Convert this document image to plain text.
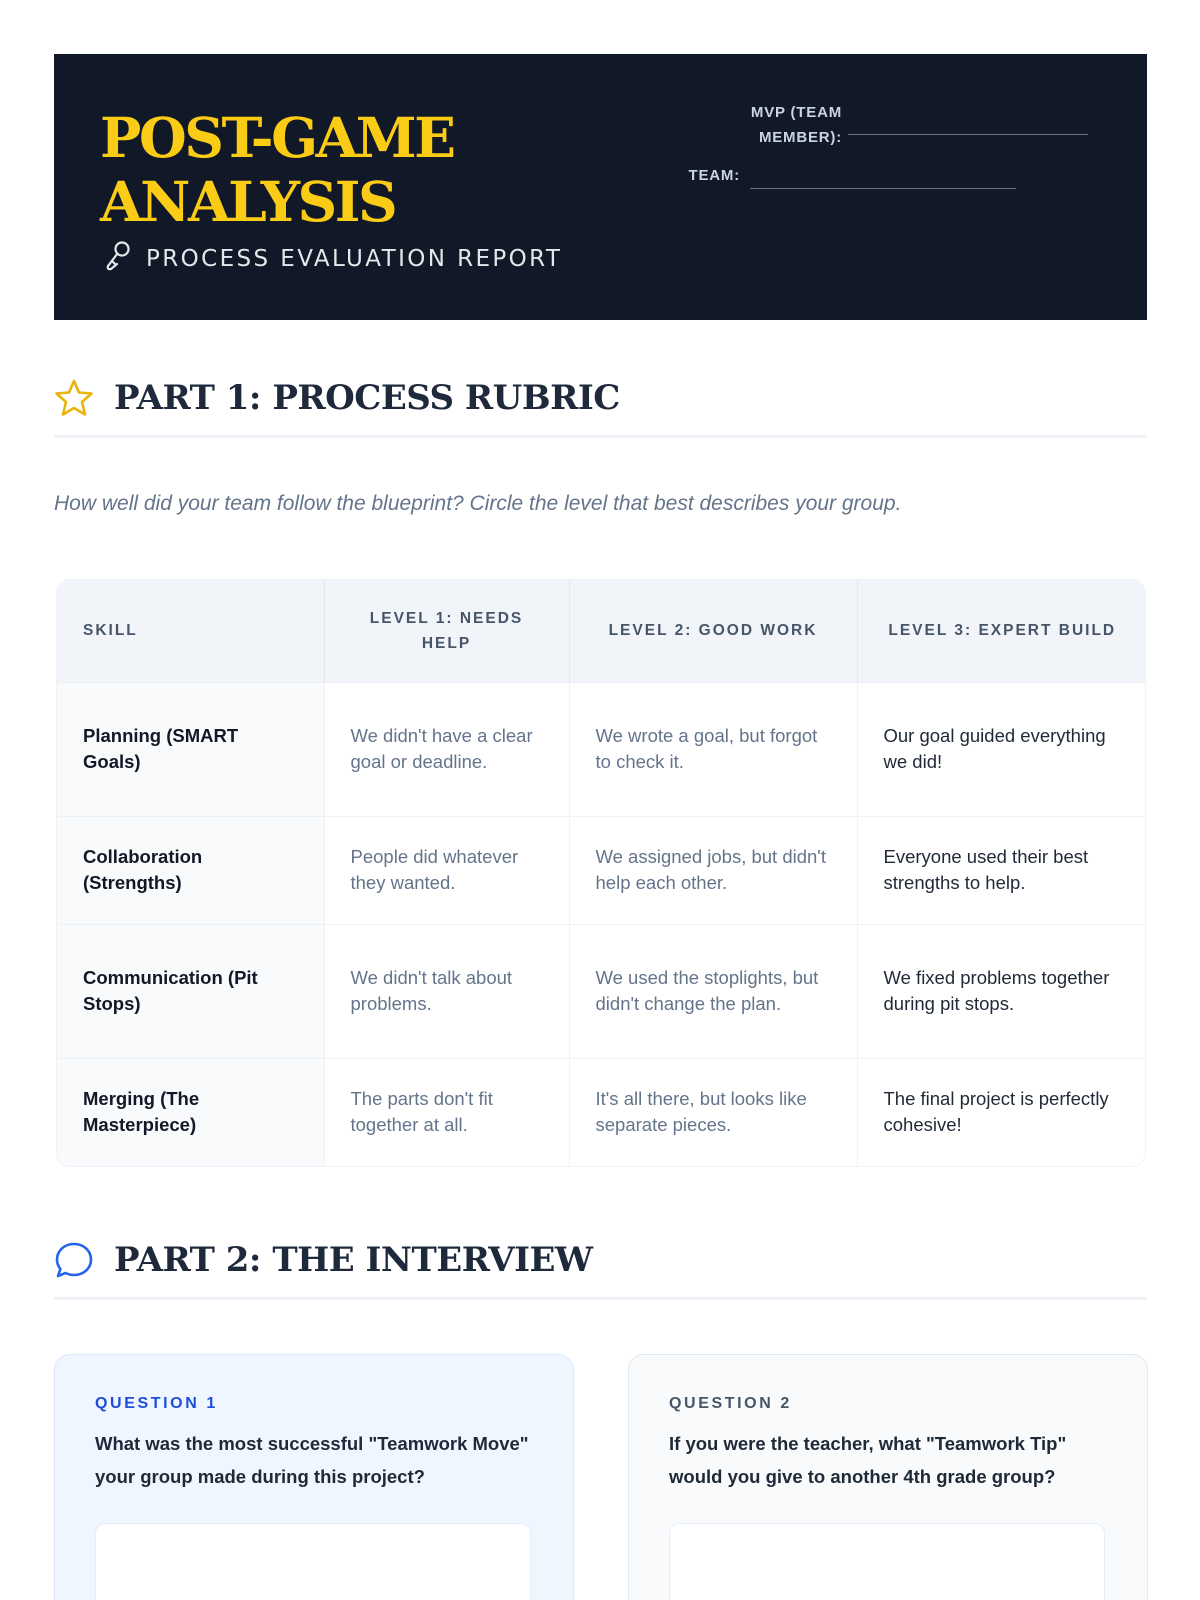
POST-GAME
ANALYSIS
PROCESS EVALUATION REPORT
MVP (TEAM
MEMBER):
TEAM:
PART 1: PROCESS RUBRIC
How well did your team follow the blueprint? Circle the level that best describes your group.
SKILL	LEVEL 1: NEEDS HELP	LEVEL 2: GOOD WORK	LEVEL 3: EXPERT BUILD
Planning (SMART Goals)	We didn't have a clear goal or deadline.	We wrote a goal, but forgot to check it.	Our goal guided everything we did!
Collaboration (Strengths)	People did whatever they wanted.	We assigned jobs, but didn't help each other.	Everyone used their best strengths to help.
Communication (Pit Stops)	We didn't talk about problems.	We used the stoplights, but didn't change the plan.	We fixed problems together during pit stops.
Merging (The Masterpiece)	The parts don't fit together at all.	It's all there, but looks like separate pieces.	The final project is perfectly cohesive!
PART 2: THE INTERVIEW
QUESTION 1
What was the most successful "Teamwork Move" your group made during this project?
QUESTION 2
If you were the teacher, what "Teamwork Tip" would you give to another 4th grade group?
